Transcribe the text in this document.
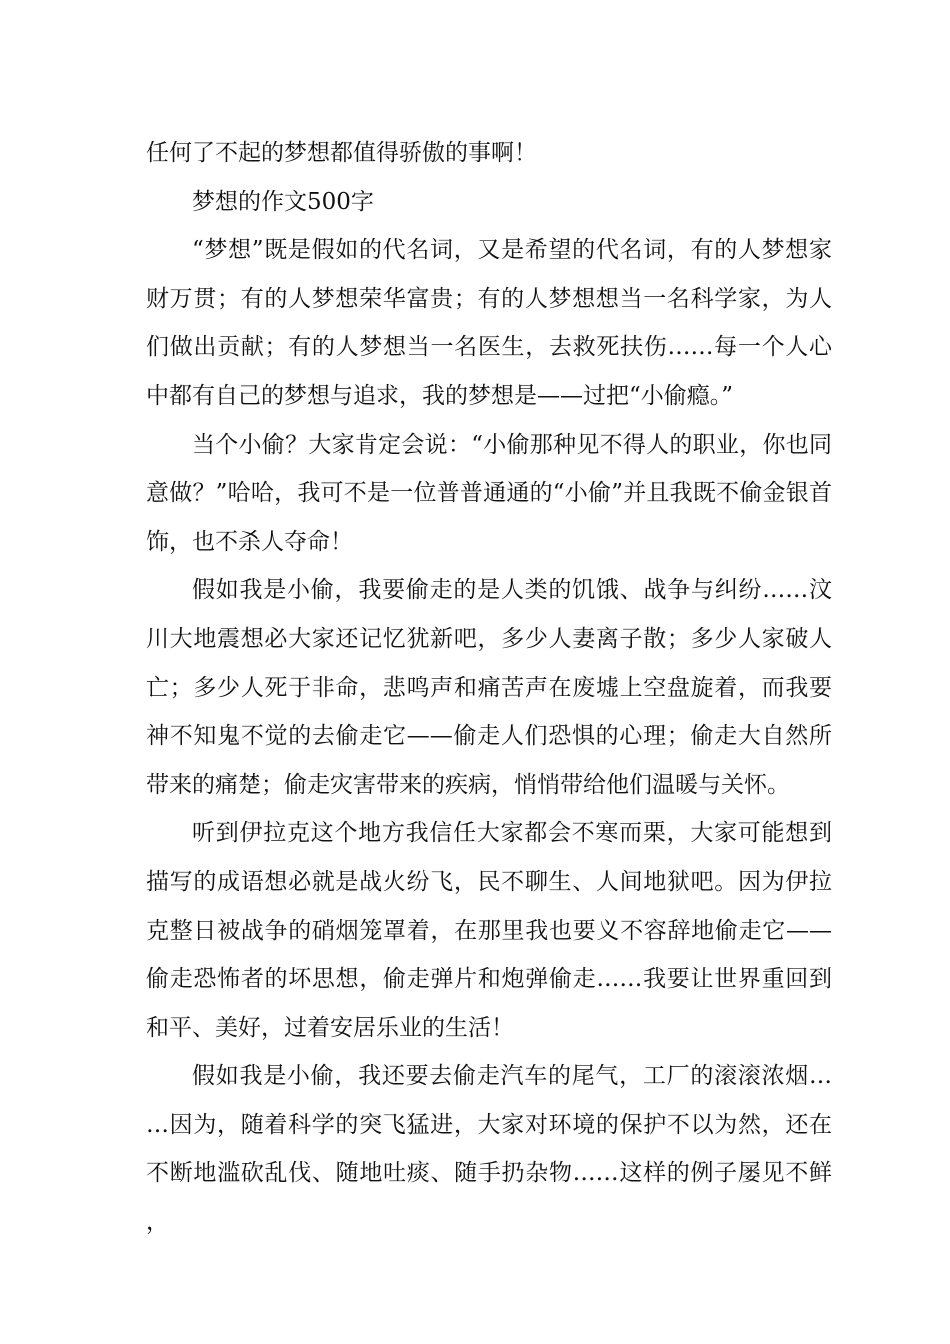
任何了不起的梦想都值得骄傲的事啊！

梦想的作文500字

“梦想”既是假如的代名词，又是希望的代名词，有的人梦想家财万贯；有的人梦想荣华富贵；有的人梦想想当一名科学家，为人们做出贡献；有的人梦想当一名医生，去救死扶伤……每一个人心中都有自己的梦想与追求，我的梦想是——过把“小偷瘾。”

当个小偷？大家肯定会说：“小偷那种见不得人的职业，你也同意做？”哈哈，我可不是一位普普通通的“小偷”并且我既不偷金银首饰，也不杀人夺命！

假如我是小偷，我要偷走的是人类的饥饿、战争与纠纷……汶川大地震想必大家还记忆犹新吧，多少人妻离子散；多少人家破人亡；多少人死于非命，悲鸣声和痛苦声在废墟上空盘旋着，而我要神不知鬼不觉的去偷走它——偷走人们恐惧的心理；偷走大自然所带来的痛楚；偷走灾害带来的疾病，悄悄带给他们温暖与关怀。

听到伊拉克这个地方我信任大家都会不寒而栗，大家可能想到描写的成语想必就是战火纷飞，民不聊生、人间地狱吧。因为伊拉克整日被战争的硝烟笼罩着，在那里我也要义不容辞地偷走它——偷走恐怖者的坏思想，偷走弹片和炮弹偷走……我要让世界重回到和平、美好，过着安居乐业的生活！

假如我是小偷，我还要去偷走汽车的尾气，工厂的滚滚浓烟……因为，随着科学的突飞猛进，大家对环境的保护不以为然，还在不断地滥砍乱伐、随地吐痰、随手扔杂物……这样的例子屡见不鲜，
